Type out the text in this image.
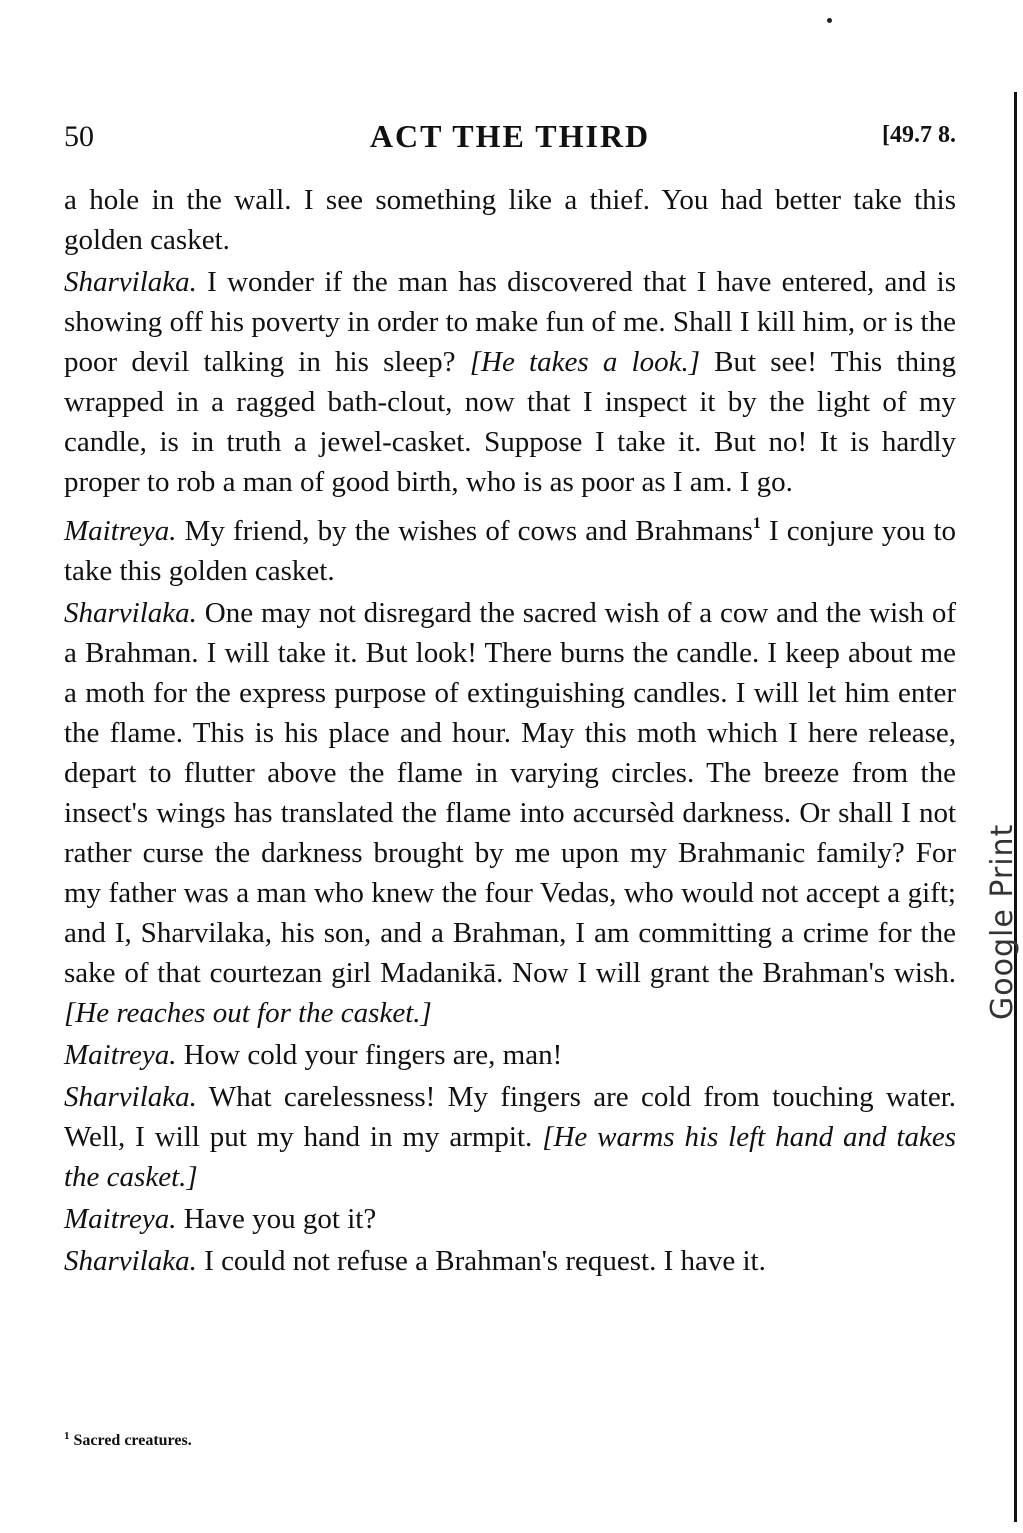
Google Print
50	ACT THE THIRD	[49.7 8.

a hole in the wall. I see something like a thief. You had better take this golden casket.

Sharvilaka. I wonder if the man has discovered that I have entered, and is showing off his poverty in order to make fun of me. Shall I kill him, or is the poor devil talking in his sleep? [He takes a look.] But see! This thing wrapped in a ragged bath-clout, now that I inspect it by the light of my candle, is in truth a jewel-casket. Suppose I take it. But no! It is hardly proper to rob a man of good birth, who is as poor as I am. I go.

Maitreya. My friend, by the wishes of cows and Brahmans$^1$ I conjure you to take this golden casket.

Sharvilaka. One may not disregard the sacred wish of a cow and the wish of a Brahman. I will take it. But look! There burns the candle. I keep about me a moth for the express purpose of extinguishing candles. I will let him enter the flame. This is his place and hour. May this moth which I here release, depart to flutter above the flame in varying circles. The breeze from the insect's wings has translated the flame into accursèd darkness. Or shall I not rather curse the darkness brought by me upon my Brahmanic family? For my father was a man who knew the four Vedas, who would not accept a gift; and I, Sharvilaka, his son, and a Brahman, I am committing a crime for the sake of that courtezan girl Madanikā. Now I will grant the Brahman's wish. [He reaches out for the casket.]

Maitreya. How cold your fingers are, man!

Sharvilaka. What carelessness! My fingers are cold from touching water. Well, I will put my hand in my armpit. [He warms his left hand and takes the casket.]

Maitreya. Have you got it?

Sharvilaka. I could not refuse a Brahman's request. I have it.

$^1$ Sacred creatures.
